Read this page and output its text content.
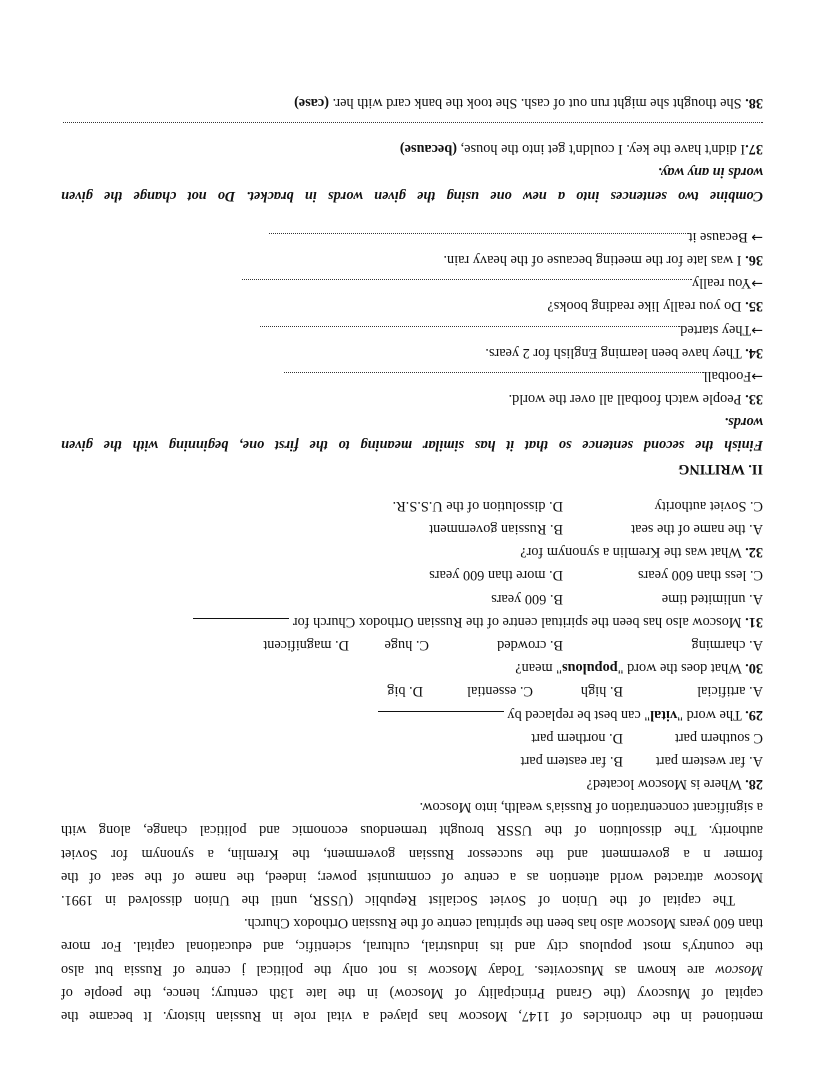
mentioned in the chronicles of 1147, Moscow has played a vital role in Russian history. It became the
capital of Muscovy (the Grand Principality of Moscow) in the late 13th century; hence, the people of
Moscow are known as Muscovites. Today Moscow is not only the political j centre of Russia but also
the country's most populous city and its industrial, cultural, scientific, and educational capital. For more
than 600 years Moscow also has been the spiritual centre of the Russian Orthodox Church.
The capital of the Union of Soviet Socialist Republic (USSR, until the Union dissolved in 1991.
Moscow attracted world attention as a centre of communist power; indeed, the name of the seat of the
former n a government and the successor Russian government, the Kremlin, a synonym for Soviet
authority. The dissolution of the USSR brought tremendous economic and political change, along with
a significant concentration of Russia's wealth, into Moscow.
28. Where is Moscow located?
A. far western part
B. far eastern part
C southern part
D. northern part
29. The word "vital" can best be replaced by
A. artificial
B. high
C. essential
D. big
30. What does the word "populous" mean?
A. charming
B. crowded
C. huge
D. magnificent
31. Moscow also has been the spiritual centre of the Russian Orthodox Church for
A. unlimited time
B. 600 years
C. less than 600 years
D. more than 600 years
32. What was the Kremlin a synonym for?
A. the name of the seat
B. Russian government
C. Soviet authority
D. dissolution of the U.S.S.R.
II. WRITING
Finish the second sentence so that it has similar meaning to the first one, beginning with the given
words.
33. People watch football all over the world.
→Football
34. They have been learning English for 2 years.
→They started
35. Do you really like reading books?
→You really
36. I was late for the meeting because of the heavy rain.
→ Because it
Combine two sentences into a new one using the given words in bracket. Do not change the given
words in any way.
37.I didn't have the key. I couldn't get into the house, (because)
38. She thought she might run out of cash. She took the bank card with her. (case)
